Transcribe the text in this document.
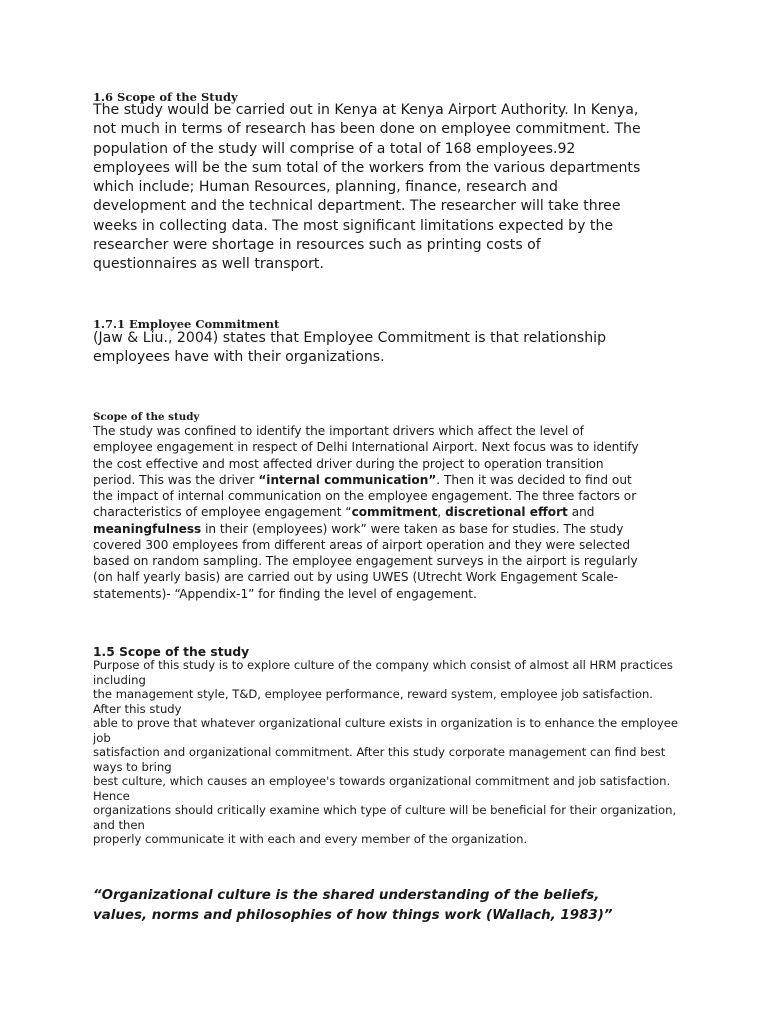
1.6 Scope of the Study
The study would be carried out in Kenya at Kenya Airport Authority. In Kenya,
not much in terms of research has been done on employee commitment. The
population of the study will comprise of a total of 168 employees.92
employees will be the sum total of the workers from the various departments
which include; Human Resources, planning, finance, research and
development and the technical department. The researcher will take three
weeks in collecting data. The most significant limitations expected by the
researcher were shortage in resources such as printing costs of
questionnaires as well transport.
1.7.1 Employee Commitment
(Jaw & Liu., 2004) states that Employee Commitment is that relationship
employees have with their organizations.
Scope of the study
The study was confined to identify the important drivers which affect the level of
employee engagement in respect of Delhi International Airport. Next focus was to identify
the cost effective and most affected driver during the project to operation transition
period. This was the driver “internal communication”. Then it was decided to find out
the impact of internal communication on the employee engagement. The three factors or
characteristics of employee engagement “commitment, discretional effort and
meaningfulness in their (employees) work” were taken as base for studies. The study
covered 300 employees from different areas of airport operation and they were selected
based on random sampling. The employee engagement surveys in the airport is regularly
(on half yearly basis) are carried out by using UWES (Utrecht Work Engagement Scale-
statements)- “Appendix-1” for finding the level of engagement.
1.5 Scope of the study
Purpose of this study is to explore culture of the company which consist of almost all HRM practices including
the management style, T&D, employee performance, reward system, employee job satisfaction. After this study
able to prove that whatever organizational culture exists in organization is to enhance the employee job
satisfaction and organizational commitment. After this study corporate management can find best ways to bring
best culture, which causes an employee's towards organizational commitment and job satisfaction. Hence
organizations should critically examine which type of culture will be beneficial for their organization, and then
properly communicate it with each and every member of the organization.
“Organizational culture is the shared understanding of the beliefs,
values, norms and philosophies of how things work (Wallach, 1983)”
